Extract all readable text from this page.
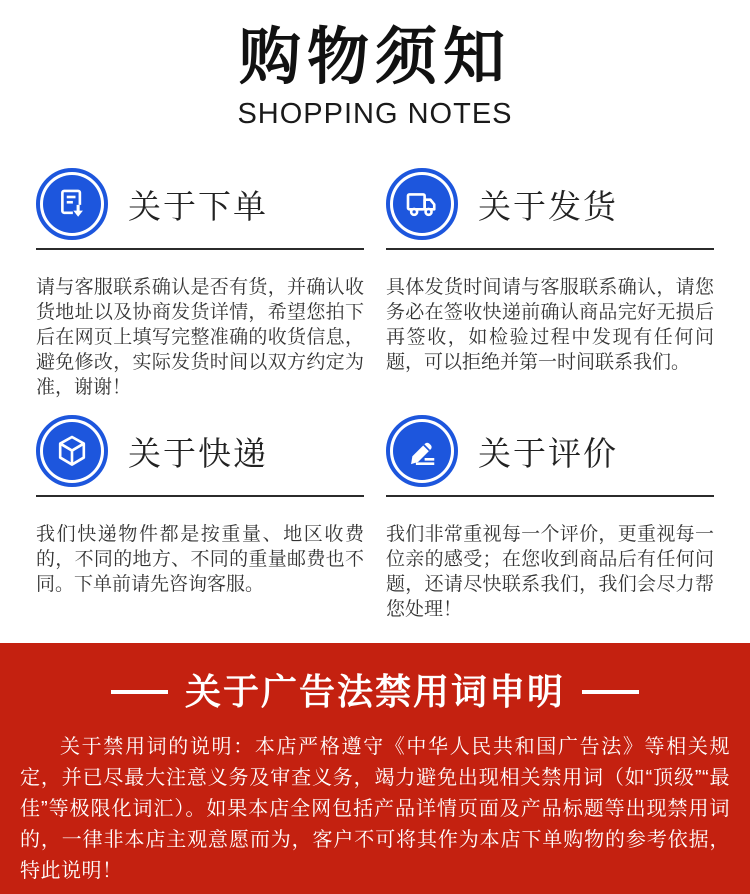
购物须知
SHOPPING NOTES
关于下单
请与客服联系确认是否有货，并确认收货地址以及协商发货详情，希望您拍下后在网页上填写完整准确的收货信息，避免修改，实际发货时间以双方约定为准，谢谢！
关于发货
具体发货时间请与客服联系确认，请您务必在签收快递前确认商品完好无损后再签收，如检验过程中发现有任何问题，可以拒绝并第一时间联系我们。
关于快递
我们快递物件都是按重量、地区收费的，不同的地方、不同的重量邮费也不同。下单前请先咨询客服。
关于评价
我们非常重视每一个评价，更重视每一位亲的感受；在您收到商品后有任何问题，还请尽快联系我们，我们会尽力帮您处理！
关于广告法禁用词申明
关于禁用词的说明：本店严格遵守《中华人民共和国广告法》等相关规定，并已尽最大注意义务及审查义务，竭力避免出现相关禁用词（如“顶级”“最佳”等极限化词汇）。如果本店全网包括产品详情页面及产品标题等出现禁用词的，一律非本店主观意愿而为，客户不可将其作为本店下单购物的参考依据，特此说明！
